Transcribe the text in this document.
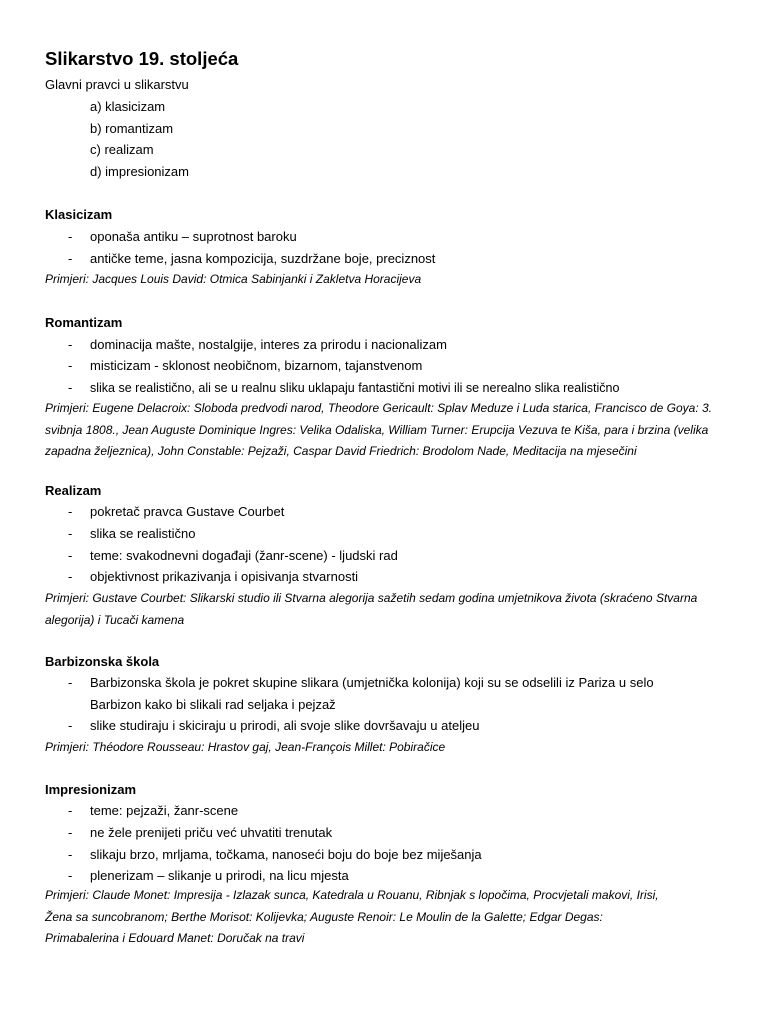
Slikarstvo 19. stoljeća
Glavni pravci u slikarstvu
a) klasicizam
b) romantizam
c) realizam
d) impresionizam
Klasicizam
- oponaša antiku – suprotnost baroku
- antičke teme, jasna kompozicija, suzdržane boje, preciznost
Primjeri: Jacques Louis David: Otmica Sabinjanki i Zakletva Horacijeva
Romantizam
- dominacija mašte, nostalgije, interes za prirodu i nacionalizam
- misticizam - sklonost neobičnom, bizarnom, tajanstvenom
- slika se realistično, ali se u realnu sliku uklapaju fantastični motivi ili se nerealno slika realistično
Primjeri: Eugene Delacroix: Sloboda predvodi narod, Theodore Gericault: Splav Meduze i Luda starica, Francisco de Goya: 3. svibnja 1808., Jean Auguste Dominique Ingres: Velika Odaliska, William Turner: Erupcija Vezuva te Kiša, para i brzina (velika zapadna željeznica), John Constable: Pejzaži, Caspar David Friedrich: Brodolom Nade, Meditacija na mjesečini
Realizam
- pokretač pravca Gustave Courbet
- slika se realistično
- teme: svakodnevni događaji (žanr-scene) - ljudski rad
- objektivnost prikazivanja i opisivanja stvarnosti
Primjeri: Gustave Courbet: Slikarski studio ili Stvarna alegorija sažetih sedam godina umjetnikova života (skraćeno Stvarna alegorija) i Tucači kamena
Barbizonska škola
- Barbizonska škola je pokret skupine slikara (umjetnička kolonija) koji su se odselili iz Pariza u selo
Barbizon kako bi slikali rad seljaka i pejzaž
- slike studiraju i skiciraju u prirodi, ali svoje slike dovršavaju u ateljeu
Primjeri: Théodore Rousseau: Hrastov gaj, Jean-François Millet: Pobiračice
Impresionizam
- teme: pejzaži, žanr-scene
- ne žele prenijeti priču već uhvatiti trenutak
- slikaju brzo, mrljama, točkama, nanoseći boju do boje bez miješanja
- plenerizam – slikanje u prirodi, na licu mjesta
Primjeri: Claude Monet: Impresija - Izlazak sunca, Katedrala u Rouanu, Ribnjak s lopočima, Procvjetali makovi, Irisi, Žena sa suncobranom; Berthe Morisot: Kolijevka; Auguste Renoir: Le Moulin de la Galette; Edgar Degas: Primabalerina i Edouard Manet: Doručak na travi
